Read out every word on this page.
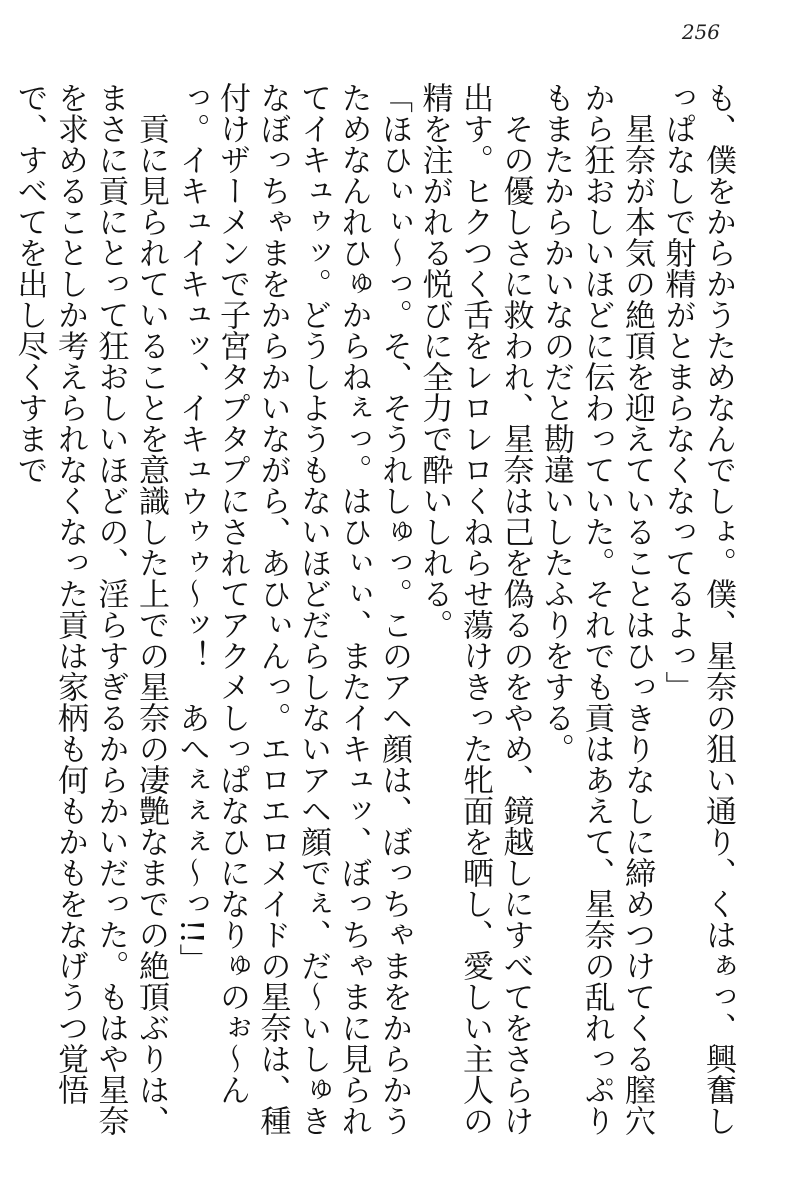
256

も、僕をからかうためなんでしょ。僕、星奈の狙い通り、くはぁっ、興奮しっぱなしで射精がとまらなくなってるよっ」

　星奈が本気の絶頂を迎えていることはひっきりなしに締めつけてくる膣穴から狂おしいほどに伝わっていた。それでも貢はあえて、星奈の乱れっぷりもまたからかいなのだと勘違いしたふりをする。

　その優しさに救われ、星奈は己を偽るのをやめ、鏡越しにすべてをさらけ出す。ヒクつく舌をレロレロくねらせ蕩けきった牝面を晒し、愛しい主人の精を注がれる悦びに全力で酔いしれる。

「ほひぃぃ〜っ。そ、そうれしゅっ。このアヘ顔は、ぼっちゃまをからかうためなんれひゅからねぇっ。はひぃぃ、またイキュッ、ぼっちゃまに見られてイキュゥッ。どうしようもないほどだらしないアヘ顔でぇ、だ〜いしゅきなぼっちゃまをからかいながら、あひぃんっ。エロエロメイドの星奈は、種付けザーメンで子宮タプタプにされてアクメしっぱなひになりゅのぉ〜んっ。イキュイキュッ、イキュウゥゥ〜ッ！　あへぇぇぇ〜っ!!」

　貢に見られていることを意識した上での星奈の凄艶なまでの絶頂ぶりは、まさに貢にとって狂おしいほどの、淫らすぎるからかいだった。もはや星奈を求めることしか考えられなくなった貢は家柄も何もかもをなげうつ覚悟で、すべてを出し尽くすまで
